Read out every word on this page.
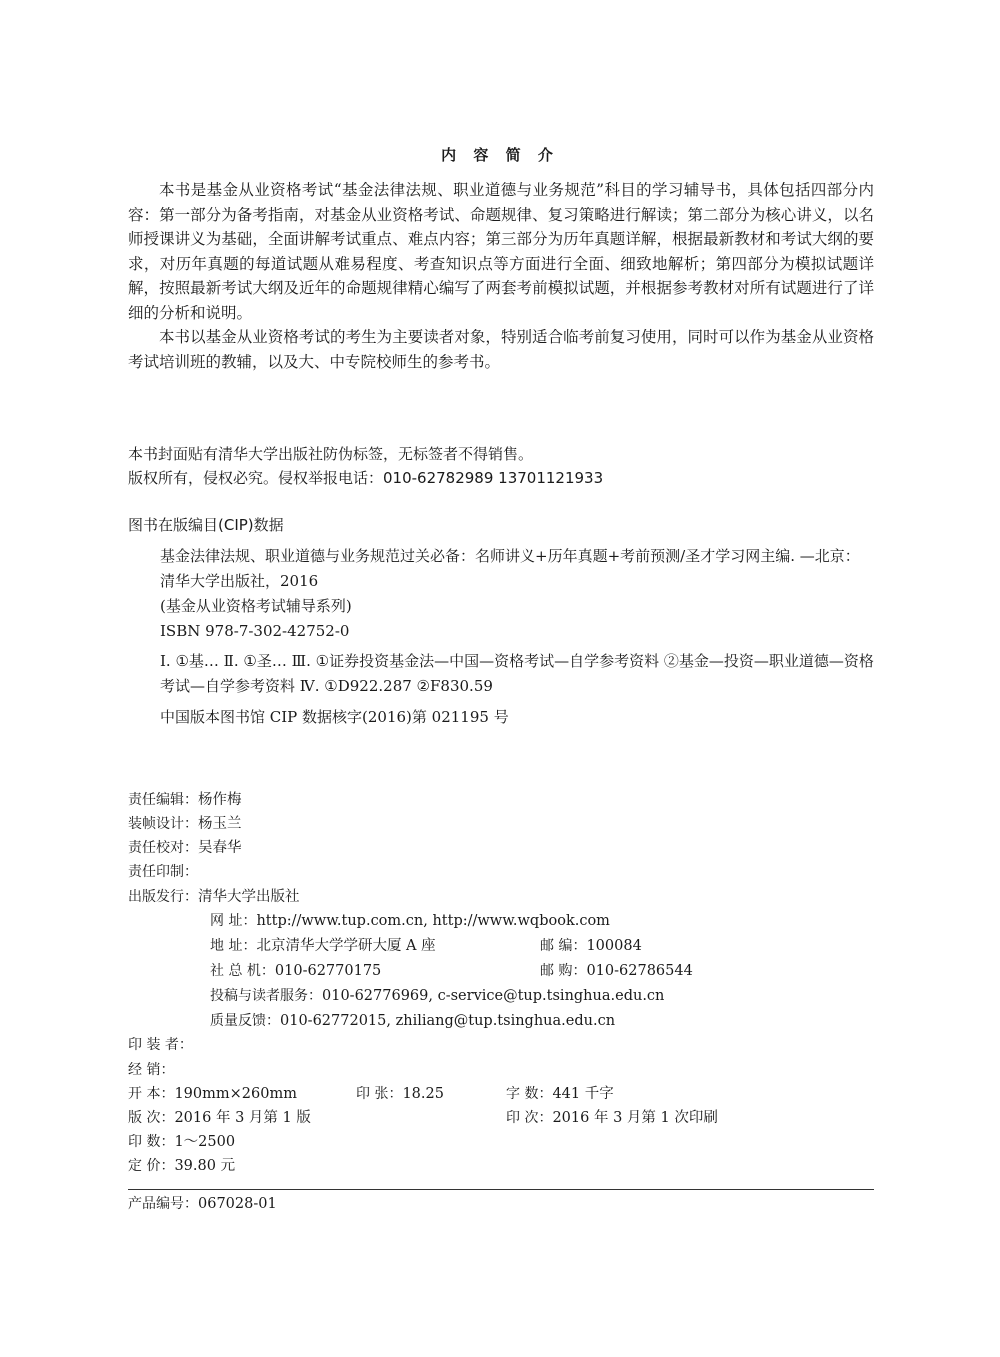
内 容 简 介

本书是基金从业资格考试“基金法律法规、职业道德与业务规范”科目的学习辅导书，具体包括四部分内容：第一部分为备考指南，对基金从业资格考试、命题规律、复习策略进行解读；第二部分为核心讲义，以名师授课讲义为基础，全面讲解考试重点、难点内容；第三部分为历年真题详解，根据最新教材和考试大纲的要求，对历年真题的每道试题从难易程度、考查知识点等方面进行全面、细致地解析；第四部分为模拟试题详解，按照最新考试大纲及近年的命题规律精心编写了两套考前模拟试题，并根据参考教材对所有试题进行了详细的分析和说明。

本书以基金从业资格考试的考生为主要读者对象，特别适合临考前复习使用，同时可以作为基金从业资格考试培训班的教辅，以及大、中专院校师生的参考书。

本书封面贴有清华大学出版社防伪标签，无标签者不得销售。
版权所有，侵权必究。侵权举报电话：010-62782989 13701121933
图书在版编目(CIP)数据
基金法律法规、职业道德与业务规范过关必备：名师讲义+历年真题+考前预测/圣才学习网主编. —北京：清华大学出版社，2016
(基金从业资格考试辅导系列)
ISBN 978-7-302-42752-0
Ⅰ. ①基… Ⅱ. ①圣… Ⅲ. ①证券投资基金法—中国—资格考试—自学参考资料 ②基金—投资—职业道德—资格考试—自学参考资料 Ⅳ. ①D922.287 ②F830.59
中国版本图书馆 CIP 数据核字(2016)第 021195 号
责任编辑：杨作梅
装帧设计：杨玉兰
责任校对：吴春华
责任印制：
出版发行：清华大学出版社
网 址：http://www.tup.com.cn, http://www.wqbook.com
地 址：北京清华大学学研大厦 A 座	邮 编：100084
社 总 机：010-62770175	邮 购：010-62786544
投稿与读者服务：010-62776969, c-service@tup.tsinghua.edu.cn
质量反馈：010-62772015, zhiliang@tup.tsinghua.edu.cn
印 装 者：
经 销：
开 本：190mm×260mm	印 张：18.25	字 数：441 千字
版 次：2016 年 3 月第 1 版	印 次：2016 年 3 月第 1 次印刷
印 数：1～2500
定 价：39.80 元
产品编号：067028-01
